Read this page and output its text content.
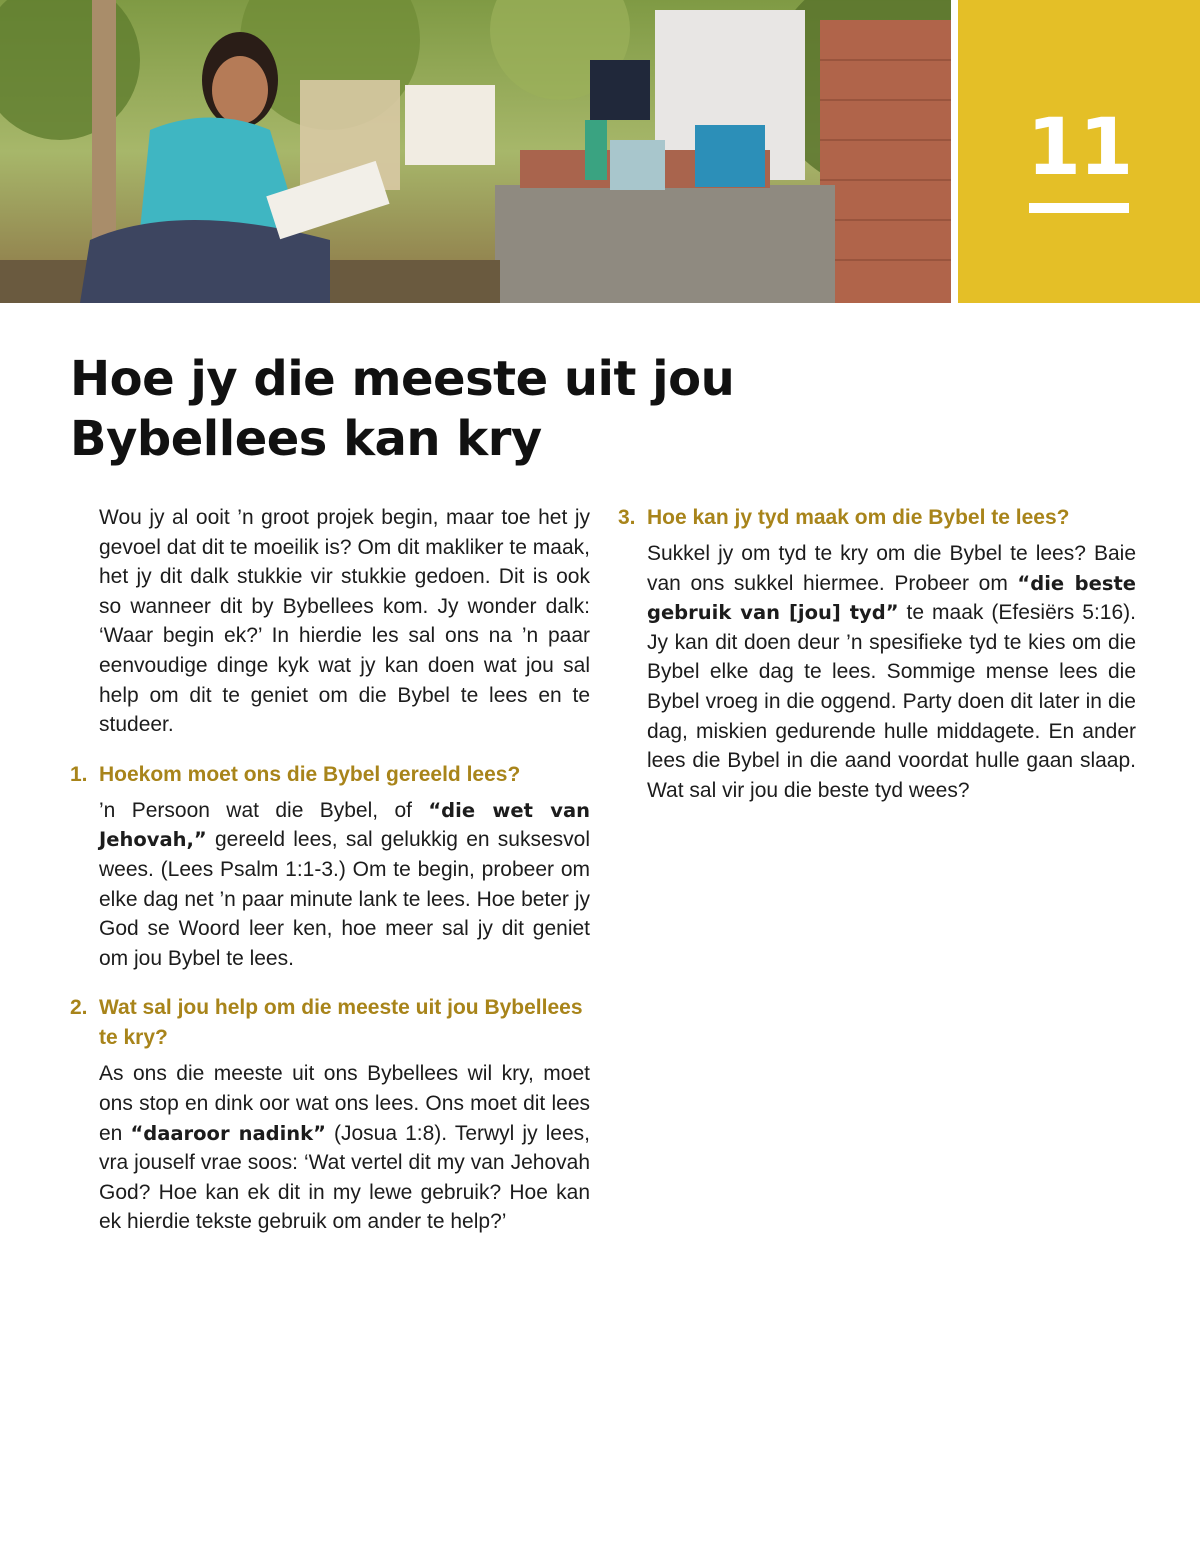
11
Hoe jy die meeste uit jou
Bybellees kan kry

Wou jy al ooit ’n groot projek begin, maar toe het jy gevoel dat dit te moeilik is? Om dit makliker te maak, het jy dit dalk stukkie vir stukkie gedoen. Dit is ook so wanneer dit by Bybellees kom. Jy wonder dalk: ‘Waar begin ek?’ In hierdie les sal ons na ’n paar eenvoudige dinge kyk wat jy kan doen wat jou sal help om dit te geniet om die Bybel te lees en te studeer.

1. Hoekom moet ons die Bybel gereeld lees?

’n Persoon wat die Bybel, of “die wet van Jehovah,” gereeld lees, sal gelukkig en suksesvol wees. (Lees Psalm 1:1-3.) Om te begin, probeer om elke dag net ’n paar minute lank te lees. Hoe beter jy God se Woord leer ken, hoe meer sal jy dit geniet om jou Bybel te lees.

2. Wat sal jou help om die meeste uit jou Bybellees te kry?

As ons die meeste uit ons Bybellees wil kry, moet ons stop en dink oor wat ons lees. Ons moet dit lees en “daaroor nadink” (Josua 1:8). Terwyl jy lees, vra jouself vrae soos: ‘Wat vertel dit my van Jehovah God? Hoe kan ek dit in my lewe gebruik? Hoe kan ek hierdie tekste gebruik om ander te help?’

3. Hoe kan jy tyd maak om die Bybel te lees?

Sukkel jy om tyd te kry om die Bybel te lees? Baie van ons sukkel hiermee. Probeer om “die beste gebruik van [jou] tyd” te maak (Efesiërs 5:16). Jy kan dit doen deur ’n spesifieke tyd te kies om die Bybel elke dag te lees. Sommige mense lees die Bybel vroeg in die oggend. Party doen dit later in die dag, miskien gedurende hulle middagete. En ander lees die Bybel in die aand voordat hulle gaan slaap. Wat sal vir jou die beste tyd wees?
